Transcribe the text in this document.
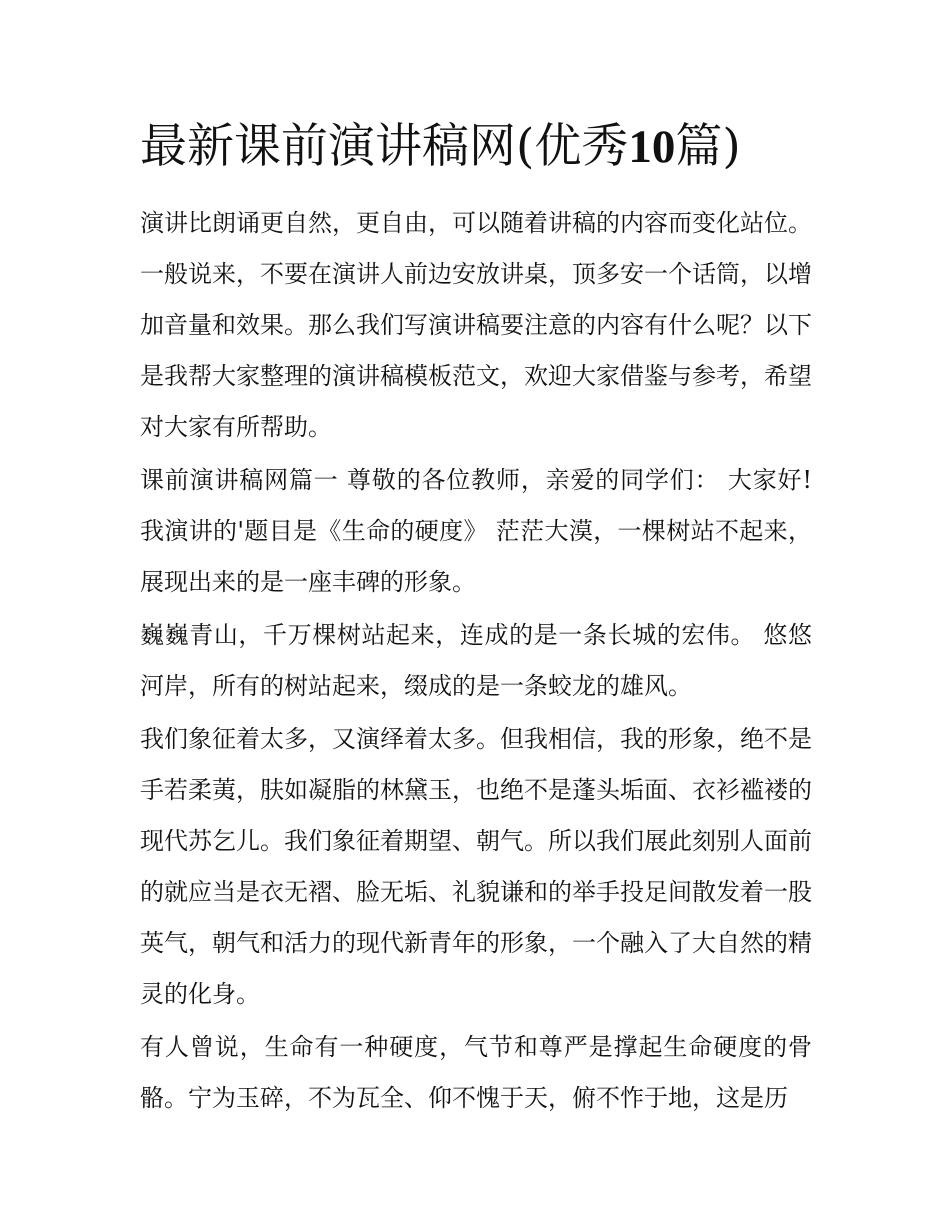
最新课前演讲稿网(优秀10篇)

演讲比朗诵更自然，更自由，可以随着讲稿的内容而变化站位。一般说来，不要在演讲人前边安放讲桌，顶多安一个话筒，以增加音量和效果。那么我们写演讲稿要注意的内容有什么呢？以下是我帮大家整理的演讲稿模板范文，欢迎大家借鉴与参考，希望对大家有所帮助。

课前演讲稿网篇一 尊敬的各位教师，亲爱的同学们： 大家好! 我演讲的'题目是《生命的硬度》 茫茫大漠，一棵树站不起来，展现出来的是一座丰碑的形象。

巍巍青山，千万棵树站起来，连成的是一条长城的宏伟。 悠悠河岸，所有的树站起来，缀成的是一条蛟龙的雄风。

我们象征着太多，又演绎着太多。但我相信，我的形象，绝不是手若柔荑，肤如凝脂的林黛玉，也绝不是蓬头垢面、衣衫褴褛的现代苏乞儿。我们象征着期望、朝气。所以我们展此刻别人面前的就应当是衣无褶、脸无垢、礼貌谦和的举手投足间散发着一股英气，朝气和活力的现代新青年的形象，一个融入了大自然的精灵的化身。

有人曾说，生命有一种硬度，气节和尊严是撑起生命硬度的骨骼。宁为玉碎，不为瓦全、仰不愧于天，俯不怍于地，这是历
